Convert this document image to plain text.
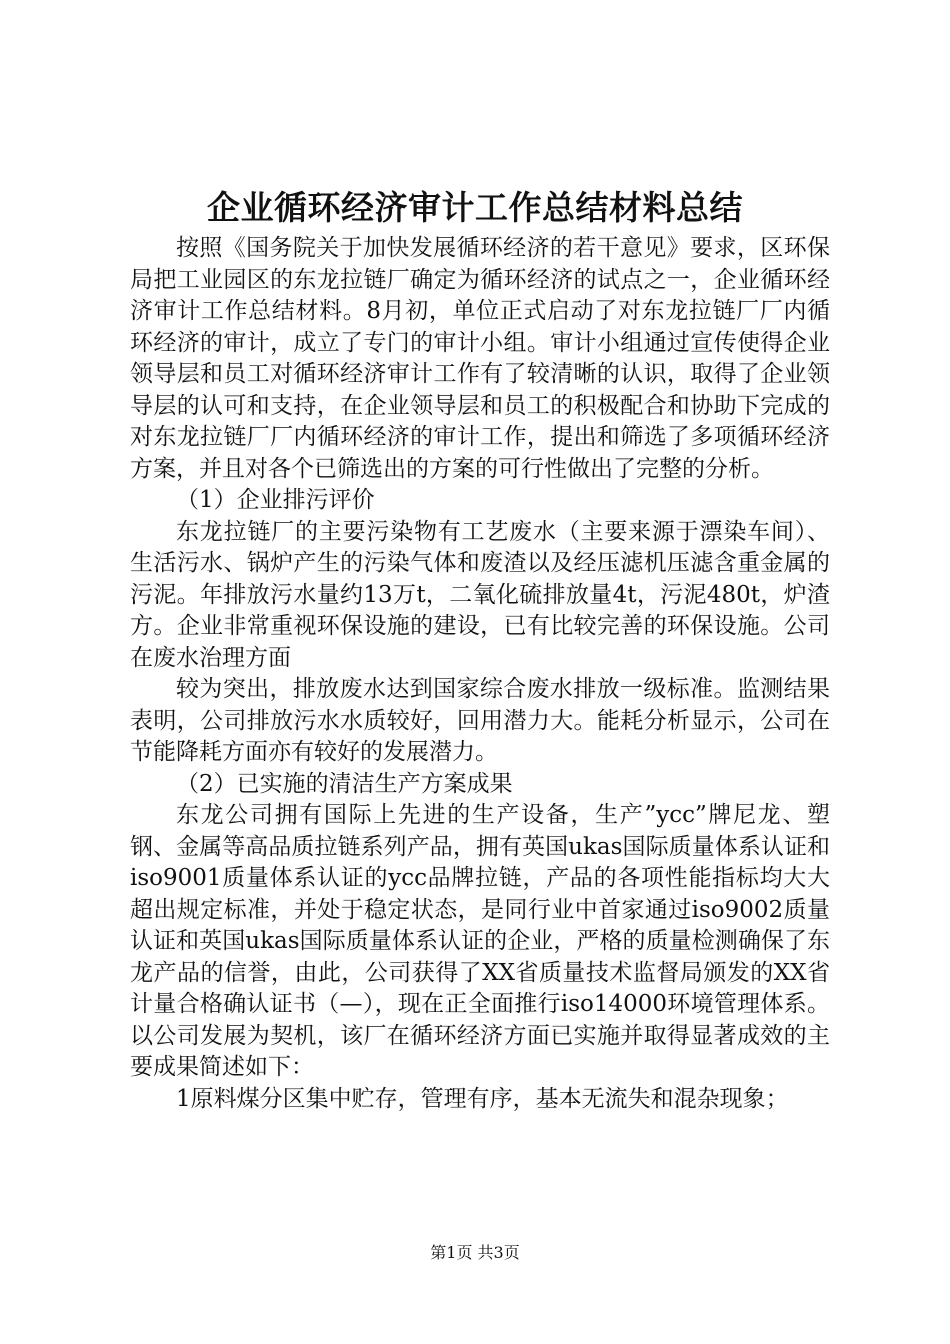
企业循环经济审计工作总结材料总结

按照《国务院关于加快发展循环经济的若干意见》要求，区环保局把工业园区的东龙拉链厂确定为循环经济的试点之一，企业循环经济审计工作总结材料。8月初，单位正式启动了对东龙拉链厂厂内循环经济的审计，成立了专门的审计小组。审计小组通过宣传使得企业领导层和员工对循环经济审计工作有了较清晰的认识，取得了企业领导层的认可和支持，在企业领导层和员工的积极配合和协助下完成的对东龙拉链厂厂内循环经济的审计工作，提出和筛选了多项循环经济方案，并且对各个已筛选出的方案的可行性做出了完整的分析。

（1）企业排污评价

东龙拉链厂的主要污染物有工艺废水（主要来源于漂染车间）、生活污水、锅炉产生的污染气体和废渣以及经压滤机压滤含重金属的污泥。年排放污水量约13万t，二氧化硫排放量4t，污泥480t，炉渣方。企业非常重视环保设施的建设，已有比较完善的环保设施。公司在废水治理方面

较为突出，排放废水达到国家综合废水排放一级标准。监测结果表明，公司排放污水水质较好，回用潜力大。能耗分析显示，公司在节能降耗方面亦有较好的发展潜力。

（2）已实施的清洁生产方案成果

东龙公司拥有国际上先进的生产设备，生产”ycc”牌尼龙、塑钢、金属等高品质拉链系列产品，拥有英国ukas国际质量体系认证和iso9001质量体系认证的ycc品牌拉链，产品的各项性能指标均大大超出规定标准，并处于稳定状态，是同行业中首家通过iso9002质量认证和英国ukas国际质量体系认证的企业，严格的质量检测确保了东龙产品的信誉，由此，公司获得了XX省质量技术监督局颁发的XX省计量合格确认证书（—），现在正全面推行iso14000环境管理体系。以公司发展为契机，该厂在循环经济方面已实施并取得显著成效的主要成果简述如下：

1原料煤分区集中贮存，管理有序，基本无流失和混杂现象；

第1页 共3页
